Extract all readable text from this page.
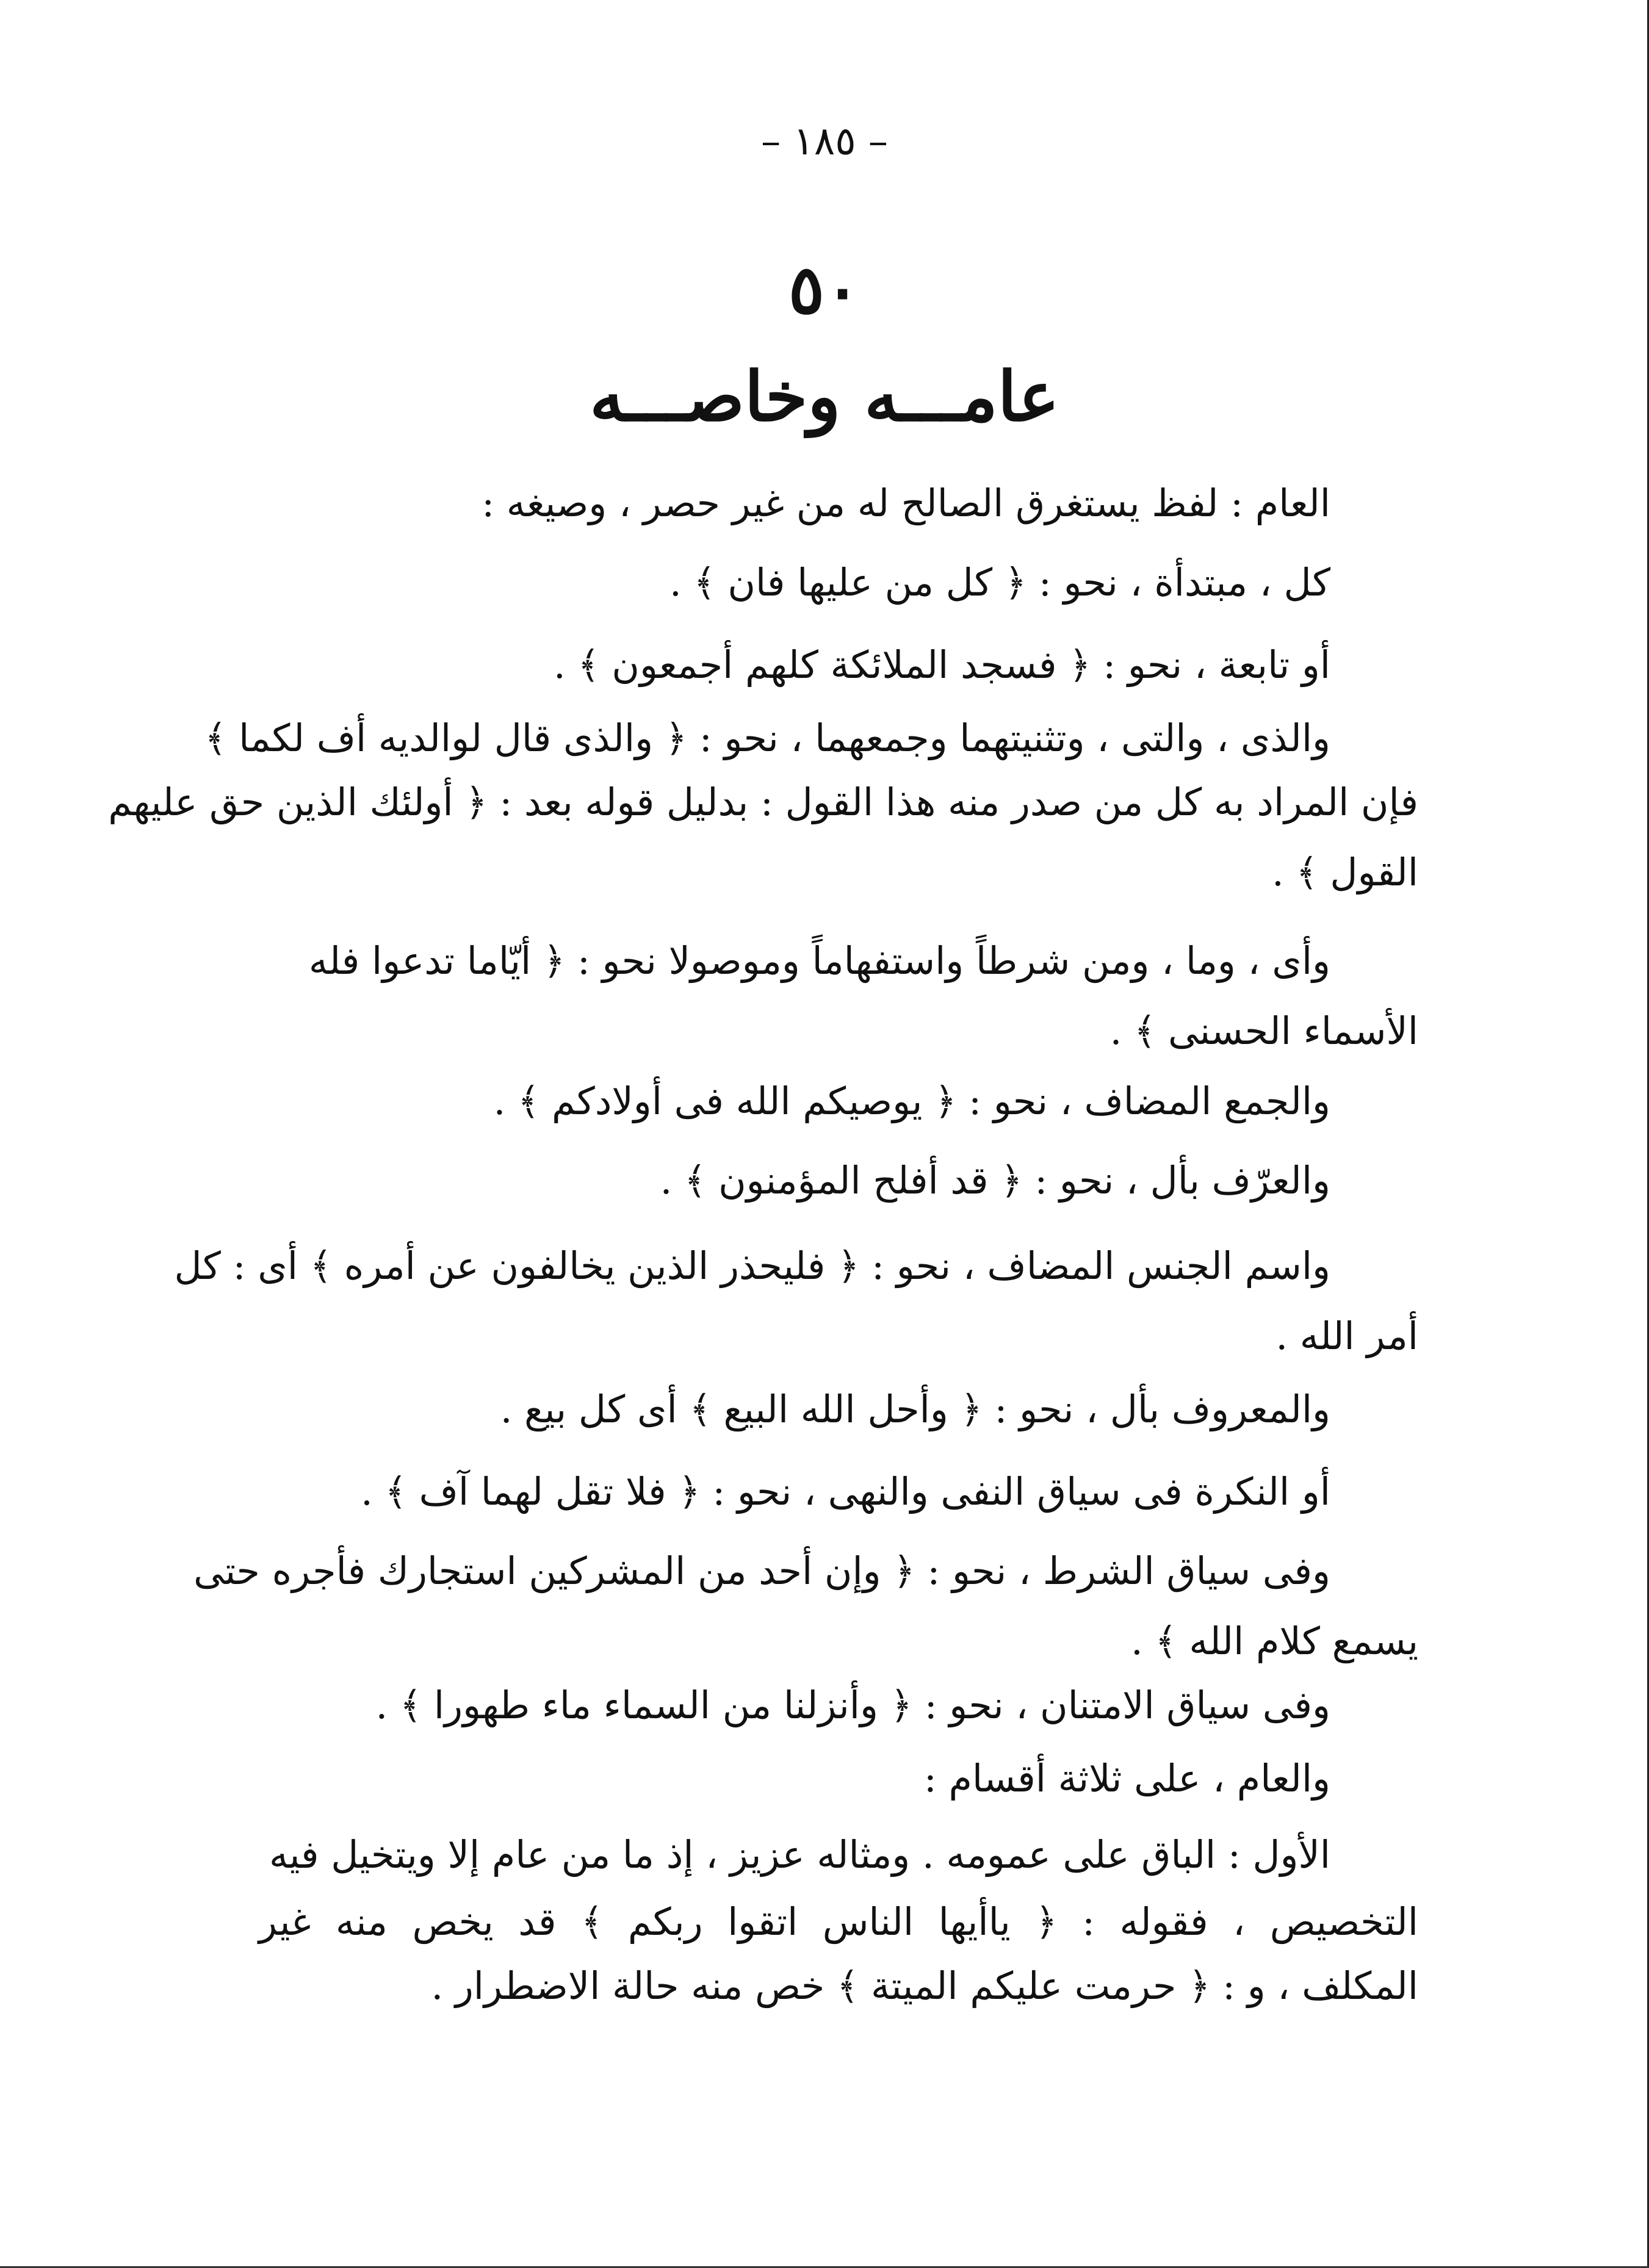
– ١٨٥ –
٥٠
عامـــه وخاصـــه
العام : لفظ يستغرق الصالح له من غير حصر ، وصيغه :
كل ، مبتدأة ، نحو : ﴿ كل من عليها فان ﴾ .
أو تابعة ، نحو : ﴿ فسجد الملائكة كلهم أجمعون ﴾ .
والذى ، والتى ، وتثنيتهما وجمعهما ، نحو : ﴿ والذى قال لوالديه أف لكما ﴾
فإن المراد به كل من صدر منه هذا القول : بدليل قوله بعد : ﴿ أولئك الذين حق عليهم
القول ﴾ .
وأى ، وما ، ومن شرطاً واستفهاماً وموصولا نحو : ﴿ أيّاما تدعوا فله
الأسماء الحسنى ﴾ .
والجمع المضاف ، نحو : ﴿ يوصيكم الله فى أولادكم ﴾ .
والعرّف بأل ، نحو : ﴿ قد أفلح المؤمنون ﴾ .
واسم الجنس المضاف ، نحو : ﴿ فليحذر الذين يخالفون عن أمره ﴾ أى : كل
أمر الله .
والمعروف بأل ، نحو : ﴿ وأحل الله البيع ﴾ أى كل بيع .
أو النكرة فى سياق النفى والنهى ، نحو : ﴿ فلا تقل لهما آف ﴾ .
وفى سياق الشرط ، نحو : ﴿ وإن أحد من المشركين استجارك فأجره حتى
يسمع كلام الله ﴾ .
وفى سياق الامتنان ، نحو : ﴿ وأنزلنا من السماء ماء طهورا ﴾ .
والعام ، على ثلاثة أقسام :
الأول : الباق على عمومه . ومثاله عزيز ، إذ ما من عام إلا ويتخيل فيه
التخصيص ، فقوله : ﴿ ياأيها الناس اتقوا ربكم ﴾ قد يخص منه غير
المكلف ، و : ﴿ حرمت عليكم الميتة ﴾ خص منه حالة الاضطرار .
